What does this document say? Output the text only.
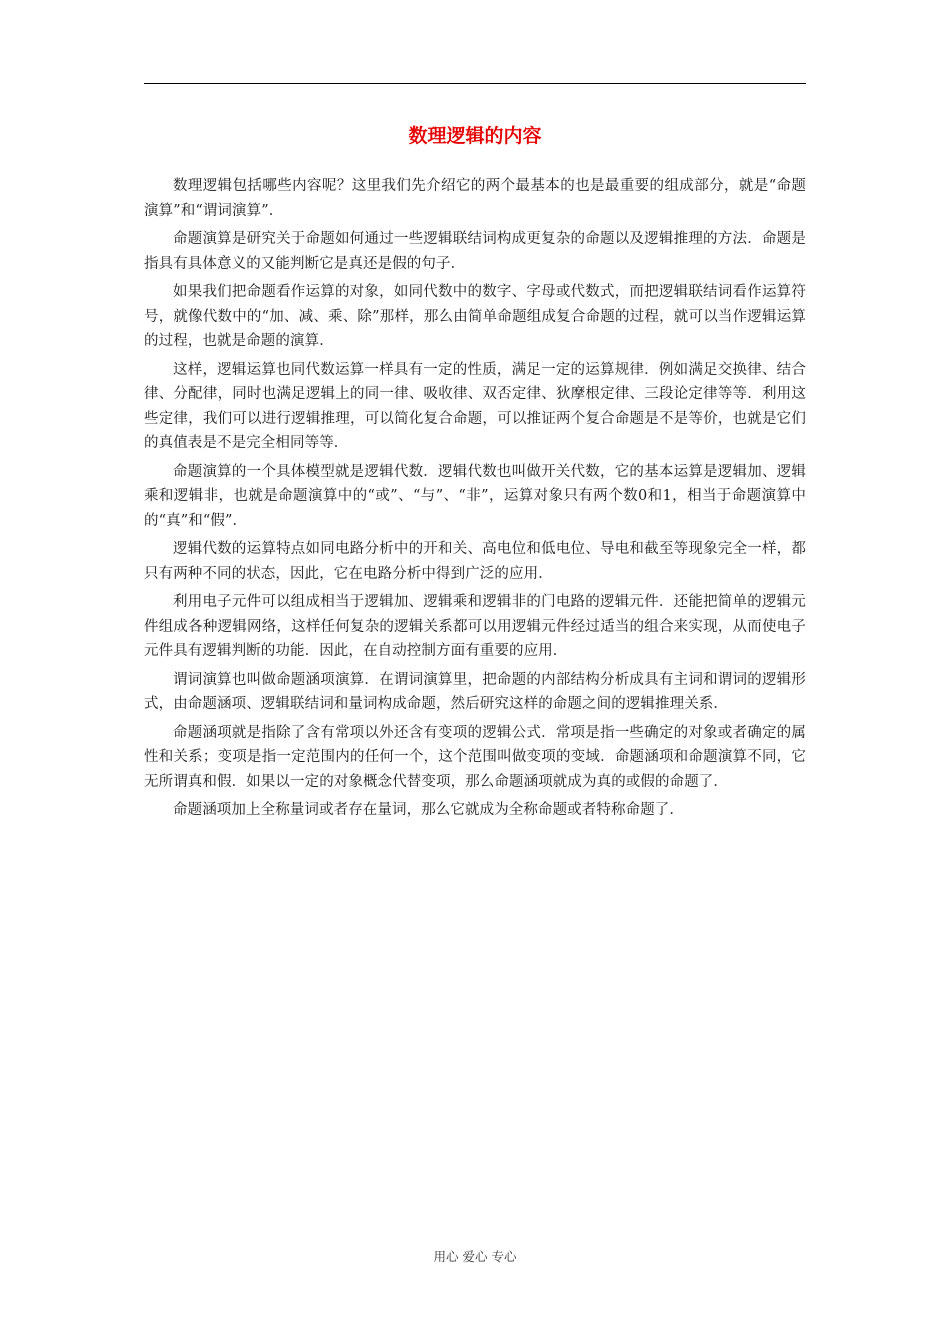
数理逻辑的内容

数理逻辑包括哪些内容呢？这里我们先介绍它的两个最基本的也是最重要的组成部分，就是“命题演算”和“谓词演算”．

命题演算是研究关于命题如何通过一些逻辑联结词构成更复杂的命题以及逻辑推理的方法．命题是指具有具体意义的又能判断它是真还是假的句子．

如果我们把命题看作运算的对象，如同代数中的数字、字母或代数式，而把逻辑联结词看作运算符号，就像代数中的“加、减、乘、除”那样，那么由简单命题组成复合命题的过程，就可以当作逻辑运算的过程，也就是命题的演算．

这样，逻辑运算也同代数运算一样具有一定的性质，满足一定的运算规律．例如满足交换律、结合律、分配律，同时也满足逻辑上的同一律、吸收律、双否定律、狄摩根定律、三段论定律等等．利用这些定律，我们可以进行逻辑推理，可以简化复合命题，可以推证两个复合命题是不是等价，也就是它们的真值表是不是完全相同等等．

命题演算的一个具体模型就是逻辑代数．逻辑代数也叫做开关代数，它的基本运算是逻辑加、逻辑乘和逻辑非，也就是命题演算中的“或”、“与”、“非”，运算对象只有两个数0和1，相当于命题演算中的“真”和“假”．

逻辑代数的运算特点如同电路分析中的开和关、高电位和低电位、导电和截至等现象完全一样，都只有两种不同的状态，因此，它在电路分析中得到广泛的应用．

利用电子元件可以组成相当于逻辑加、逻辑乘和逻辑非的门电路的逻辑元件．还能把简单的逻辑元件组成各种逻辑网络，这样任何复杂的逻辑关系都可以用逻辑元件经过适当的组合来实现，从而使电子元件具有逻辑判断的功能．因此，在自动控制方面有重要的应用．

谓词演算也叫做命题涵项演算．在谓词演算里，把命题的内部结构分析成具有主词和谓词的逻辑形式，由命题涵项、逻辑联结词和量词构成命题，然后研究这样的命题之间的逻辑推理关系．

命题涵项就是指除了含有常项以外还含有变项的逻辑公式．常项是指一些确定的对象或者确定的属性和关系；变项是指一定范围内的任何一个，这个范围叫做变项的变域．命题涵项和命题演算不同，它无所谓真和假．如果以一定的对象概念代替变项，那么命题涵项就成为真的或假的命题了．

命题涵项加上全称量词或者存在量词，那么它就成为全称命题或者特称命题了．

用心 爱心 专心
